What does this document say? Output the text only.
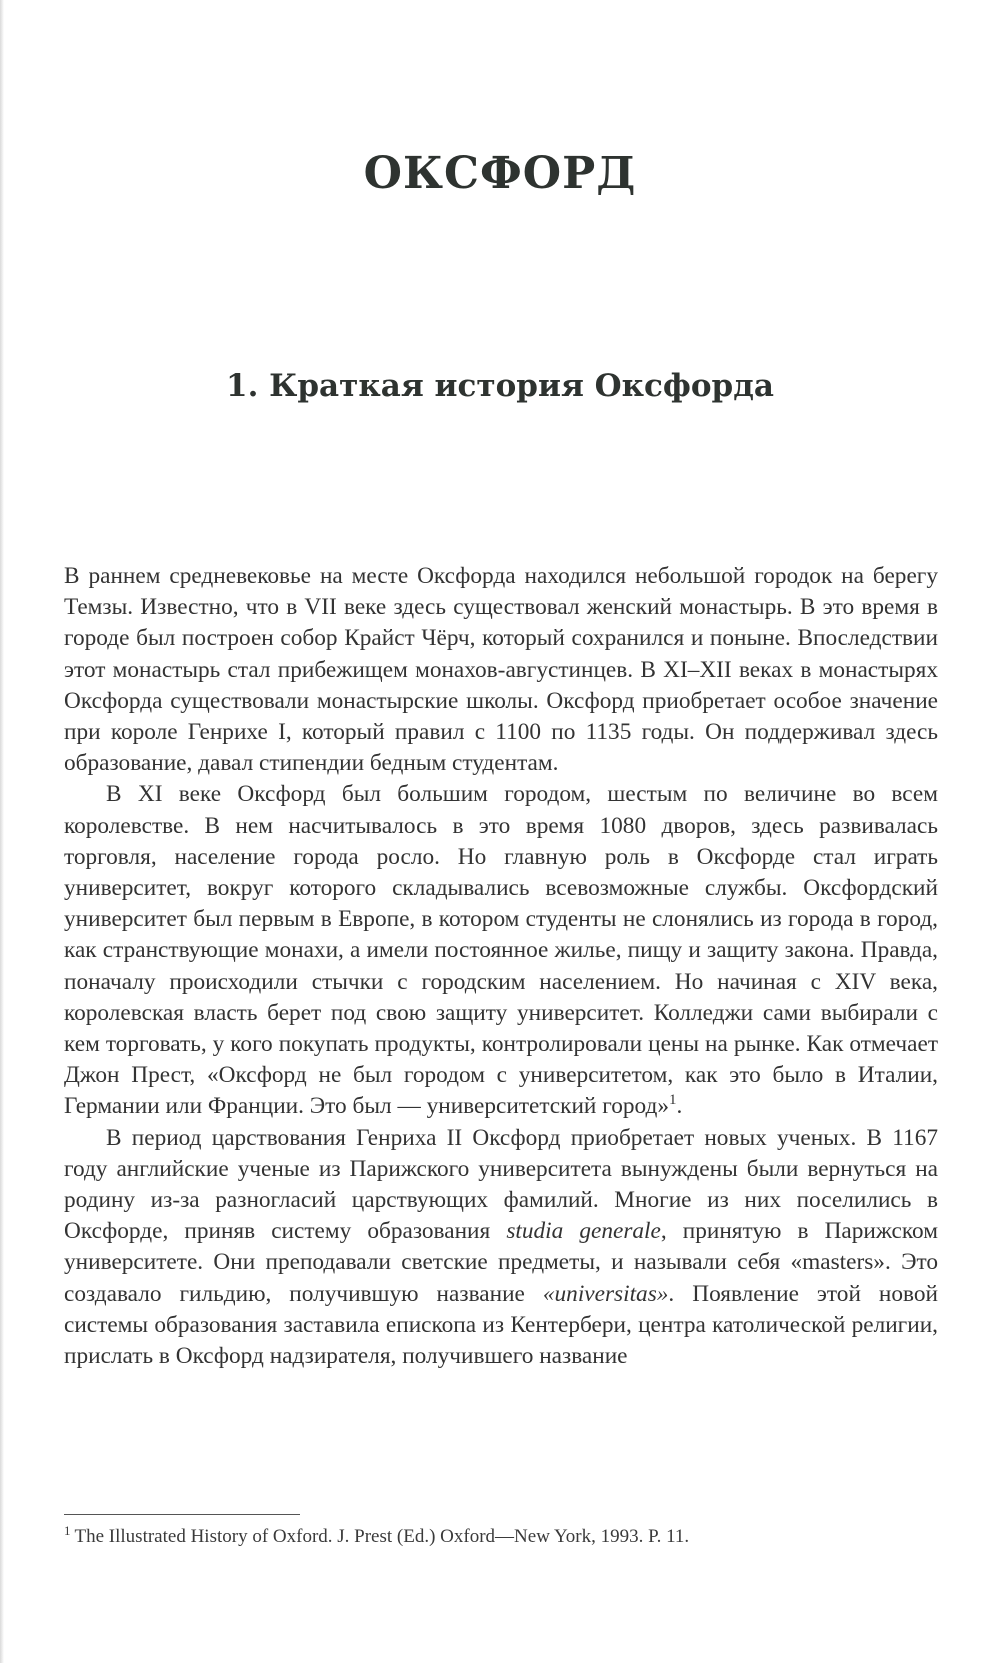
ОКСФОРД
1. Краткая история Оксфорда

В раннем средневековье на месте Оксфорда находился небольшой городок на берегу Темзы. Известно, что в VII веке здесь существовал женский монастырь. В это время в городе был построен собор Крайст Чёрч, который сохранился и поныне. Впоследствии этот монастырь стал прибежищем монахов-августинцев. В XI–XII веках в монастырях Оксфорда существовали монастырские школы. Оксфорд приобретает особое значение при короле Генрихе I, который правил с 1100 по 1135 годы. Он поддерживал здесь образование, давал стипендии бедным студентам.

В XI веке Оксфорд был большим городом, шестым по величине во всем королевстве. В нем насчитывалось в это время 1080 дворов, здесь развивалась торговля, население города росло. Но главную роль в Оксфорде стал играть университет, вокруг которого складывались всевозможные службы. Оксфордский университет был первым в Европе, в котором студенты не слонялись из города в город, как странствующие монахи, а имели постоянное жилье, пищу и защиту закона. Правда, поначалу происходили стычки с городским населением. Но начиная с XIV века, королевская власть берет под свою защиту университет. Колледжи сами выбирали с кем торговать, у кого покупать продукты, контролировали цены на рынке. Как отмечает Джон Прест, «Оксфорд не был городом с университетом, как это было в Италии, Германии или Франции. Это был — университетский город»$^1$.

В период царствования Генриха II Оксфорд приобретает новых ученых. В 1167 году английские ученые из Парижского университета вынуждены были вернуться на родину из-за разногласий царствующих фамилий. Многие из них поселились в Оксфорде, приняв систему образования studia generale, принятую в Парижском университете. Они преподавали светские предметы, и называли себя «masters». Это создавало гильдию, получившую название «universitas». Появление этой новой системы образования заставила епископа из Кентербери, центра католической религии, прислать в Оксфорд надзирателя, получившего название

$^1$ The Illustrated History of Oxford. J. Prest (Ed.) Oxford—New York, 1993. P. 11.
